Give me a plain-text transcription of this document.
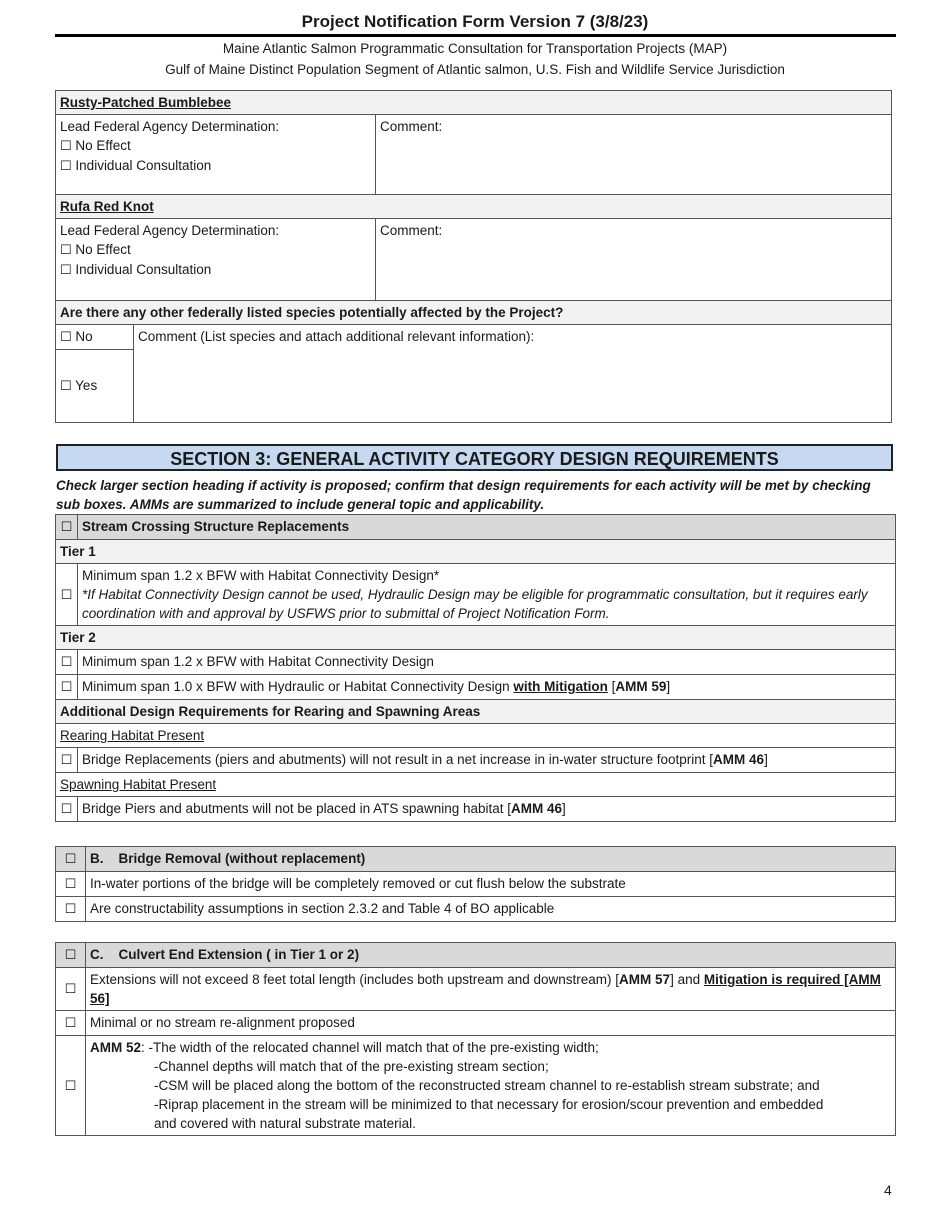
Project Notification Form Version 7 (3/8/23)
Maine Atlantic Salmon Programmatic Consultation for Transportation Projects (MAP)
Gulf of Maine Distinct Population Segment of Atlantic salmon, U.S. Fish and Wildlife Service Jurisdiction
Rusty-Patched Bumblebee		

Lead Federal Agency Determination:
☐ No Effect
☐ Individual Consultation		Comment:
Rufa Red Knot		

Lead Federal Agency Determination:
☐ No Effect
☐ Individual Consultation		Comment:
Are there any other federally listed species potentially affected by the Project?		
☐ No	Comment (List species and attach additional relevant information):	
☐ Yes		
SECTION 3: GENERAL ACTIVITY CATEGORY DESIGN REQUIREMENTS
Check larger section heading if activity is proposed; confirm that design requirements for each activity will be met by checking sub boxes. AMMs are summarized to include general topic and applicability.
☐	Stream Crossing Structure Replacements
Tier 1	
☐	Minimum span 1.2 x BFW with Habitat Connectivity Design*
*If Habitat Connectivity Design cannot be used, Hydraulic Design may be eligible for programmatic consultation, but it requires early coordination with and approval by USFWS prior to submittal of Project Notification Form.

Tier 2	
☐	Minimum span 1.2 x BFW with Habitat Connectivity Design
☐	Minimum span 1.0 x BFW with Hydraulic or Habitat Connectivity Design with Mitigation [AMM 59]
Additional Design Requirements for Rearing and Spawning Areas	
Rearing Habitat Present	
☐	Bridge Replacements (piers and abutments) will not result in a net increase in in-water structure footprint [AMM 46]
Spawning Habitat Present	
☐	Bridge Piers and abutments will not be placed in ATS spawning habitat [AMM 46]
☐	B. Bridge Removal (without replacement)
☐	In-water portions of the bridge will be completely removed or cut flush below the substrate
☐	Are constructability assumptions in section 2.3.2 and Table 4 of BO applicable
☐	C. Culvert End Extension ( in Tier 1 or 2)
☐	Extensions will not exceed 8 feet total length (includes both upstream and downstream) [AMM 57] and Mitigation is required [AMM 56]
☐	Minimal or no stream re-alignment proposed
☐	AMM 52: -The width of the relocated channel will match that of the pre-existing width;
-Channel depths will match that of the pre-existing stream section;
-CSM will be placed along the bottom of the reconstructed stream channel to re-establish stream substrate; and
-Riprap placement in the stream will be minimized to that necessary for erosion/scour prevention and embedded
and covered with natural substrate material.
4
